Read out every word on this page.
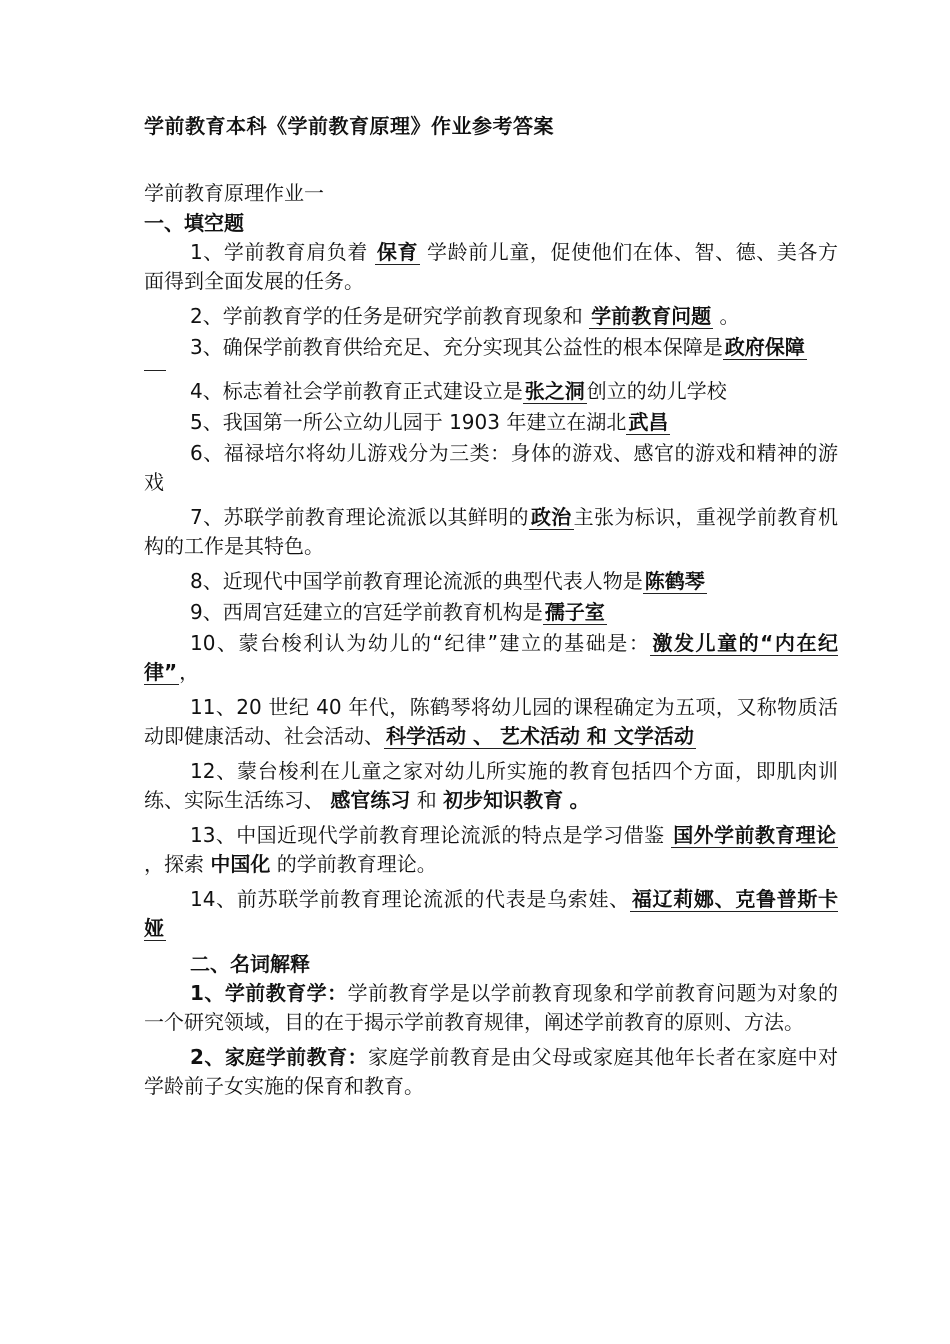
学前教育本科《学前教育原理》作业参考答案

学前教育原理作业一

一、填空题

1、学前教育肩负着 保育 学龄前儿童，促使他们在体、智、德、美各方面得到全面发展的任务。

2、学前教育学的任务是研究学前教育现象和 学前教育问题 。

3、确保学前教育供给充足、充分实现其公益性的根本保障是 政府保障

4、标志着社会学前教育正式建设立是 张之洞 创立的幼儿学校

5、我国第一所公立幼儿园于 1903 年建立在湖北 武昌

6、福禄培尔将幼儿游戏分为三类：身体的游戏、感官的游戏和精神的游戏

7、苏联学前教育理论流派以其鲜明的 政治 主张为标识，重视学前教育机构的工作是其特色。

8、近现代中国学前教育理论流派的典型代表人物是 陈鹤琴

9、西周宫廷建立的宫廷学前教育机构是 孺子室

10、蒙台梭利认为幼儿的“纪律”建立的基础是： 激发儿童的“内在纪律” ，

11、20 世纪 40 年代，陈鹤琴将幼儿园的课程确定为五项，又称物质活动即健康活动、社会活动、 科学活动 、 艺术活动 和 文学活动

12、蒙台梭利在儿童之家对幼儿所实施的教育包括四个方面，即肌肉训练、实际生活练习、 感官练习 和 初步知识教育 。

13、中国近现代学前教育理论流派的特点是学习借鉴 国外学前教育理论 ，探索 中国化 的学前教育理论。

14、前苏联学前教育理论流派的代表是乌索娃、 福辽莉娜、克鲁普斯卡娅

二、名词解释

1、学前教育学：学前教育学是以学前教育现象和学前教育问题为对象的一个研究领域，目的在于揭示学前教育规律，阐述学前教育的原则、方法。

2、家庭学前教育：家庭学前教育是由父母或家庭其他年长者在家庭中对学龄前子女实施的保育和教育。
